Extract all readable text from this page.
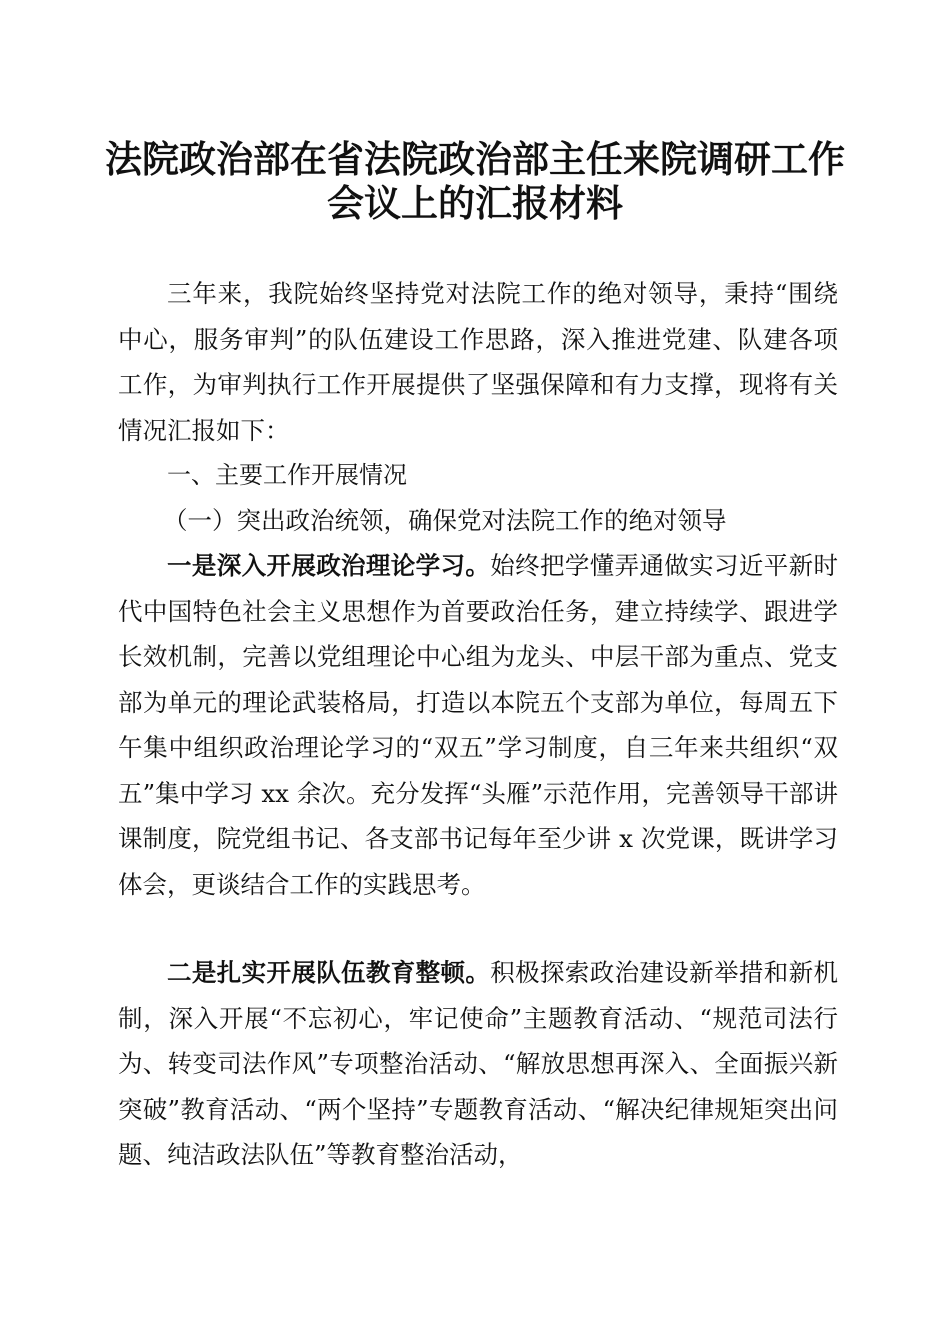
法院政治部在省法院政治部主任来院调研工作
会议上的汇报材料

三年来，我院始终坚持党对法院工作的绝对领导，秉持“围绕中心，服务审判”的队伍建设工作思路，深入推进党建、队建各项工作，为审判执行工作开展提供了坚强保障和有力支撑，现将有关情况汇报如下：

一、主要工作开展情况

（一）突出政治统领，确保党对法院工作的绝对领导

一是深入开展政治理论学习。始终把学懂弄通做实习近平新时代中国特色社会主义思想作为首要政治任务，建立持续学、跟进学长效机制，完善以党组理论中心组为龙头、中层干部为重点、党支部为单元的理论武装格局，打造以本院五个支部为单位，每周五下午集中组织政治理论学习的“双五”学习制度，自三年来共组织“双五”集中学习 xx 余次。充分发挥“头雁”示范作用，完善领导干部讲课制度，院党组书记、各支部书记每年至少讲 x 次党课，既讲学习体会，更谈结合工作的实践思考。

二是扎实开展队伍教育整顿。积极探索政治建设新举措和新机制，深入开展“不忘初心，牢记使命”主题教育活动、“规范司法行为、转变司法作风”专项整治活动、“解放思想再深入、全面振兴新突破”教育活动、“两个坚持”专题教育活动、“解决纪律规矩突出问题、纯洁政法队伍”等教育整治活动，
